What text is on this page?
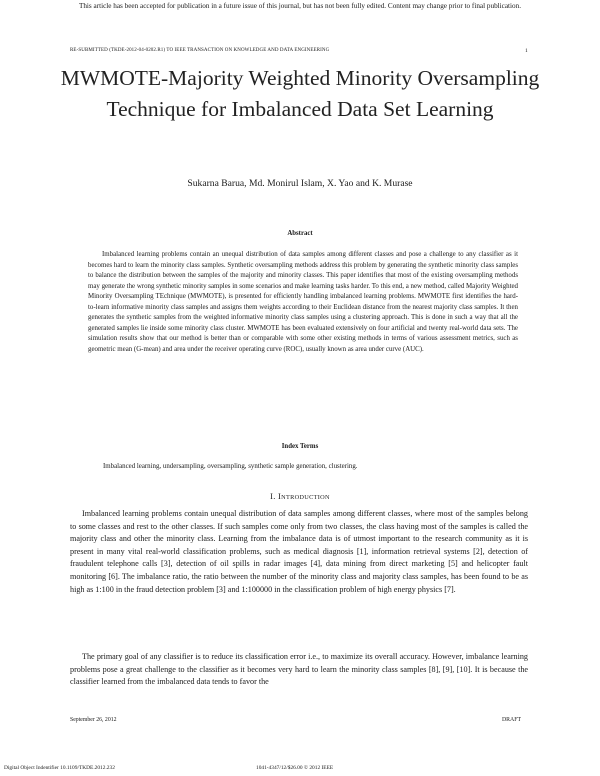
This article has been accepted for publication in a future issue of this journal, but has not been fully edited. Content may change prior to final publication.
RE-SUBMITTED (TKDE-2012-04-0202.R1) TO IEEE TRANSACTION ON KNOWLEDGE AND DATA ENGINEERING	1
MWMOTE-Majority Weighted Minority Oversampling Technique for Imbalanced Data Set Learning
Sukarna Barua, Md. Monirul Islam, X. Yao and K. Murase
Abstract

Imbalanced learning problems contain an unequal distribution of data samples among different classes and pose a challenge to any classifier as it becomes hard to learn the minority class samples. Synthetic oversampling methods address this problem by generating the synthetic minority class samples to balance the distribution between the samples of the majority and minority classes. This paper identifies that most of the existing oversampling methods may generate the wrong synthetic minority samples in some scenarios and make learning tasks harder. To this end, a new method, called Majority Weighted Minority Oversampling TEchnique (MWMOTE), is presented for efficiently handling imbalanced learning problems. MWMOTE first identifies the hard-to-learn informative minority class samples and assigns them weights according to their Euclidean distance from the nearest majority class samples. It then generates the synthetic samples from the weighted informative minority class samples using a clustering approach. This is done in such a way that all the generated samples lie inside some minority class cluster. MWMOTE has been evaluated extensively on four artificial and twenty real-world data sets. The simulation results show that our method is better than or comparable with some other existing methods in terms of various assessment metrics, such as geometric mean (G-mean) and area under the receiver operating curve (ROC), usually known as area under curve (AUC).

Index Terms
Imbalanced learning, undersampling, oversampling, synthetic sample generation, clustering.
I. INTRODUCTION

Imbalanced learning problems contain unequal distribution of data samples among different classes, where most of the samples belong to some classes and rest to the other classes. If such samples come only from two classes, the class having most of the samples is called the majority class and other the minority class. Learning from the imbalance data is of utmost important to the research community as it is present in many vital real-world classification problems, such as medical diagnosis [1], information retrieval systems [2], detection of fraudulent telephone calls [3], detection of oil spills in radar images [4], data mining from direct marketing [5] and helicopter fault monitoring [6]. The imbalance ratio, the ratio between the number of the minority class and majority class samples, has been found to be as high as 1:100 in the fraud detection problem [3] and 1:100000 in the classification problem of high energy physics [7].

The primary goal of any classifier is to reduce its classification error i.e., to maximize its overall accuracy. However, imbalance learning problems pose a great challenge to the classifier as it becomes very hard to learn the minority class samples [8], [9], [10]. It is because the classifier learned from the imbalanced data tends to favor the

September 26, 2012	DRAFT
Digital Object Indentifier 10.1109/TKDE.2012.232	1041-4347/12/$26.00 © 2012 IEEE
